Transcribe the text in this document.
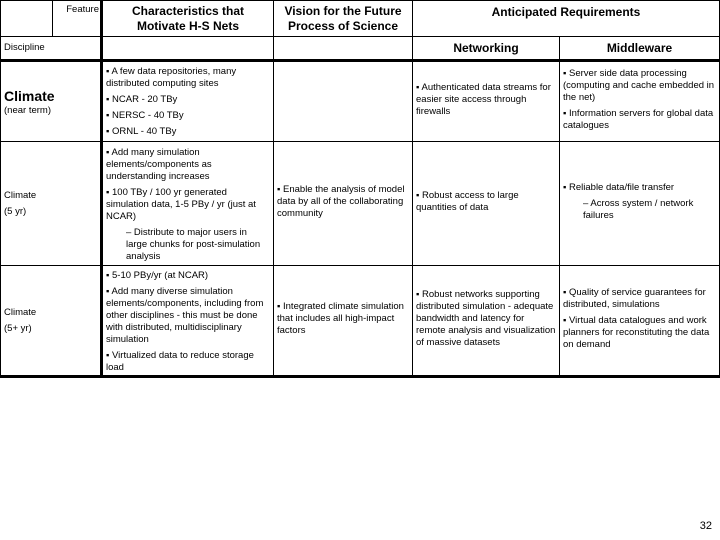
Feature
Discipline
Characteristics that Motivate H-S Nets
Vision for the Future Process of Science
Anticipated Requirements
Networking	Middleware
Climate
(near term)
▪ A few data repositories, many distributed computing sites
▪ NCAR - 20 TBy
▪ NERSC - 40 TBy
▪ ORNL - 40 TBy
▪ Authenticated data streams for easier site access through firewalls
▪ Server side data processing (computing and cache embedded in the net)
▪ Information servers for global data catalogues
Climate
(5 yr)
▪ Add many simulation elements/components as understanding increases
▪ 100 TBy / 100 yr generated simulation data, 1-5 PBy / yr (just at NCAR)
– Distribute to major users in large chunks for post-simulation analysis
▪ Enable the analysis of model data by all of the collaborating community
▪ Robust access to large quantities of data
▪ Reliable data/file transfer
– Across system / network failures
Climate
(5+ yr)
▪ 5-10 PBy/yr (at NCAR)
▪ Add many diverse simulation elements/components, including from other disciplines - this must be done with distributed, multidisciplinary simulation
▪ Virtualized data to reduce storage load
▪ Integrated climate simulation that includes all high-impact factors
▪ Robust networks supporting distributed simulation - adequate bandwidth and latency for remote analysis and visualization of massive datasets
▪ Quality of service guarantees for distributed, simulations
▪ Virtual data catalogues and work planners for reconstituting the data on demand
32
